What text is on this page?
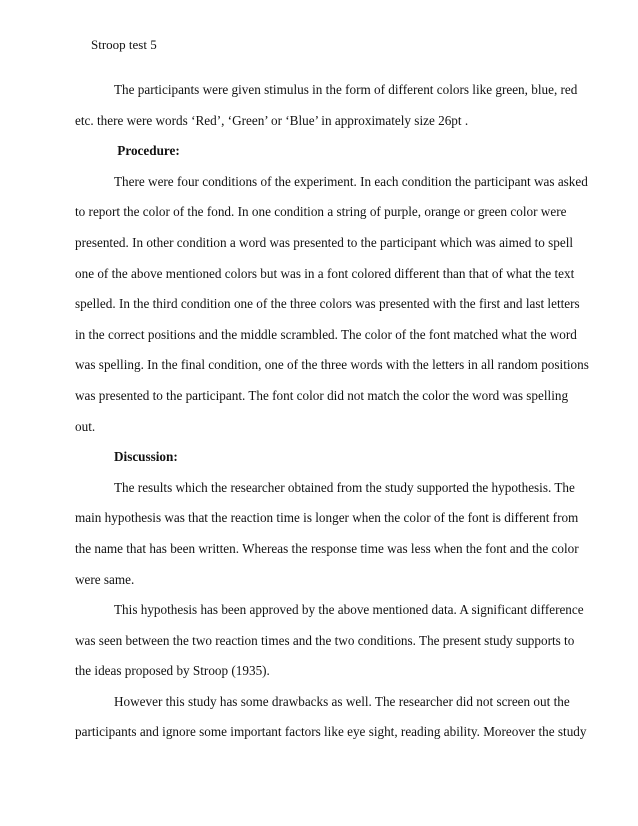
Stroop test 5
The participants were given stimulus in the form of different colors like green, blue, red
etc. there were words ‘Red’, ‘Green’ or ‘Blue’ in approximately size 26pt .
Procedure:
There were four conditions of the experiment. In each condition the participant was asked
to report the color of the fond. In one condition a string of purple, orange or green color were
presented. In other condition a word was presented to the participant which was aimed to spell
one of the above mentioned colors but was in a font colored different than that of what the text
spelled. In the third condition one of the three colors was presented with the first and last letters
in the correct positions and the middle scrambled. The color of the font matched what the word
was spelling. In the final condition, one of the three words with the letters in all random positions
was presented to the participant. The font color did not match the color the word was spelling
out.
Discussion:
The results which the researcher obtained from the study supported the hypothesis. The
main hypothesis was that the reaction time is longer when the color of the font is different from
the name that has been written. Whereas the response time was less when the font and the color
were same.
This hypothesis has been approved by the above mentioned data. A significant difference
was seen between the two reaction times and the two conditions. The present study supports to
the ideas proposed by Stroop (1935).
However this study has some drawbacks as well. The researcher did not screen out the
participants and ignore some important factors like eye sight, reading ability. Moreover the study
